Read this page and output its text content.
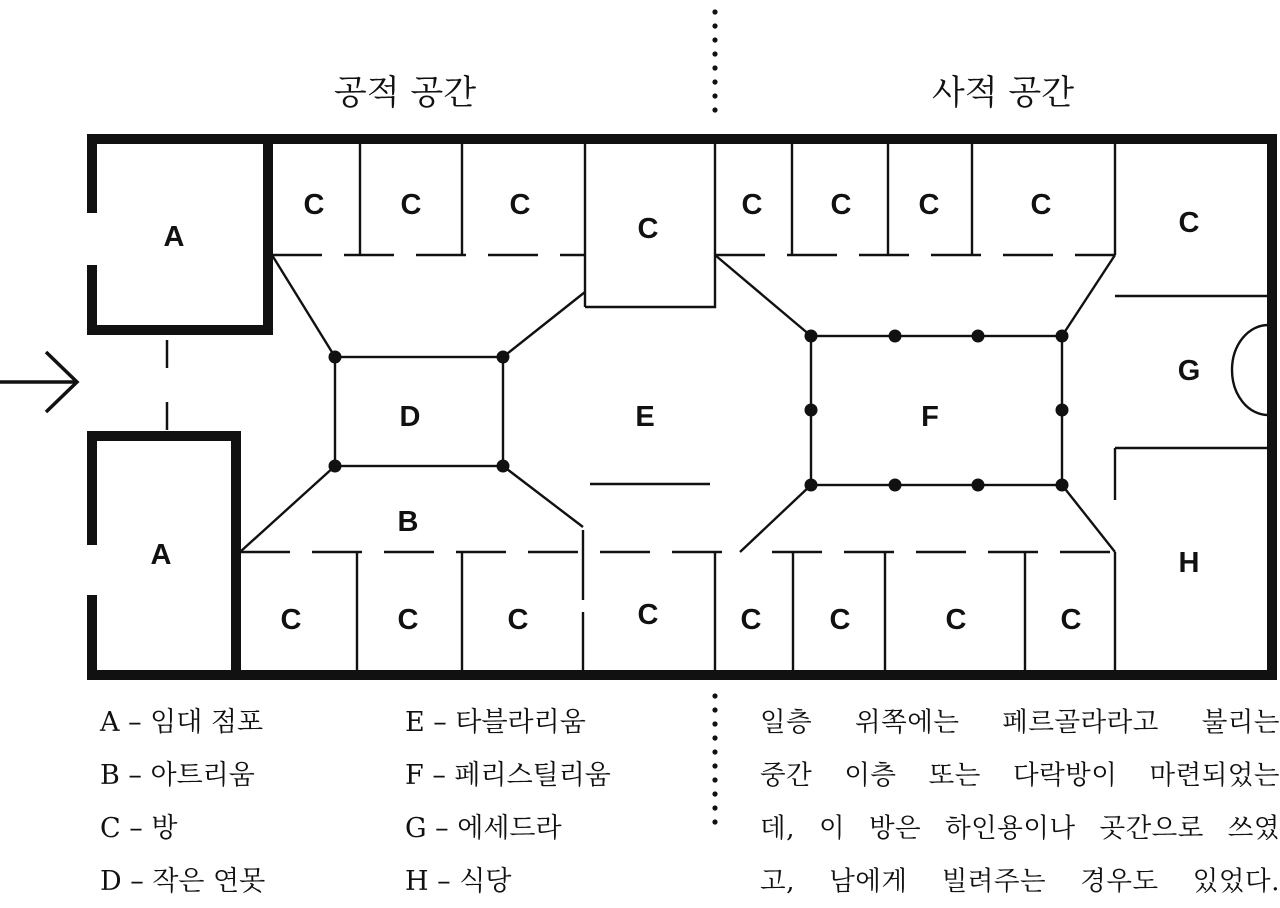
공적 공간	사적 공간
A
A
B
D	E	F
G
H
C	C	C
C
C C C	C
C
C	C	C	C	C C	C	C
A – 임대 점포
B – 아트리움
C – 방
D – 작은 연못
E – 타블라리움
F – 페리스틸리움
G – 에세드라
H – 식당
일층 위쪽에는 페르골라라고 불리는
중간 이층 또는 다락방이 마련되었는
데, 이 방은 하인용이나 곳간으로 쓰였
고, 남에게 빌려주는 경우도 있었다.
